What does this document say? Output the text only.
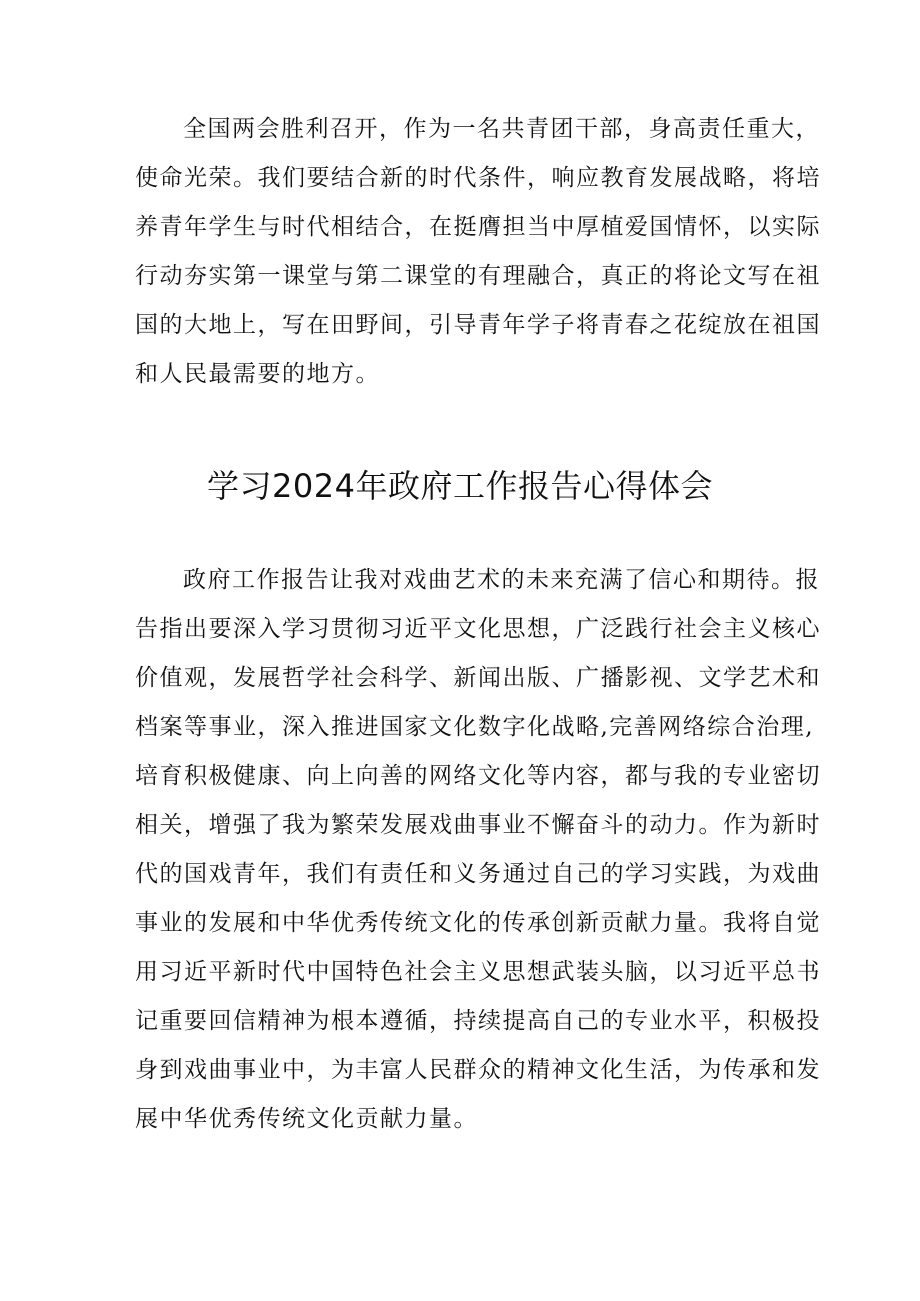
全国两会胜利召开，作为一名共青团干部，身高责任重大，
使命光荣。我们要结合新的时代条件，响应教育发展战略，将培
养青年学生与时代相结合，在挺膺担当中厚植爱国情怀，以实际
行动夯实第一课堂与第二课堂的有理融合，真正的将论文写在祖
国的大地上，写在田野间，引导青年学子将青春之花绽放在祖国
和人民最需要的地方。
学习2024年政府工作报告心得体会
政府工作报告让我对戏曲艺术的未来充满了信心和期待。报
告指出要深入学习贯彻习近平文化思想，广泛践行社会主义核心
价值观，发展哲学社会科学、新闻出版、广播影视、文学艺术和
档案等事业，深入推进国家文化数字化战略,完善网络综合治理,
培育积极健康、向上向善的网络文化等内容，都与我的专业密切
相关，增强了我为繁荣发展戏曲事业不懈奋斗的动力。作为新时
代的国戏青年，我们有责任和义务通过自己的学习实践，为戏曲
事业的发展和中华优秀传统文化的传承创新贡献力量。我将自觉
用习近平新时代中国特色社会主义思想武装头脑，以习近平总书
记重要回信精神为根本遵循，持续提高自己的专业水平，积极投
身到戏曲事业中，为丰富人民群众的精神文化生活，为传承和发
展中华优秀传统文化贡献力量。
